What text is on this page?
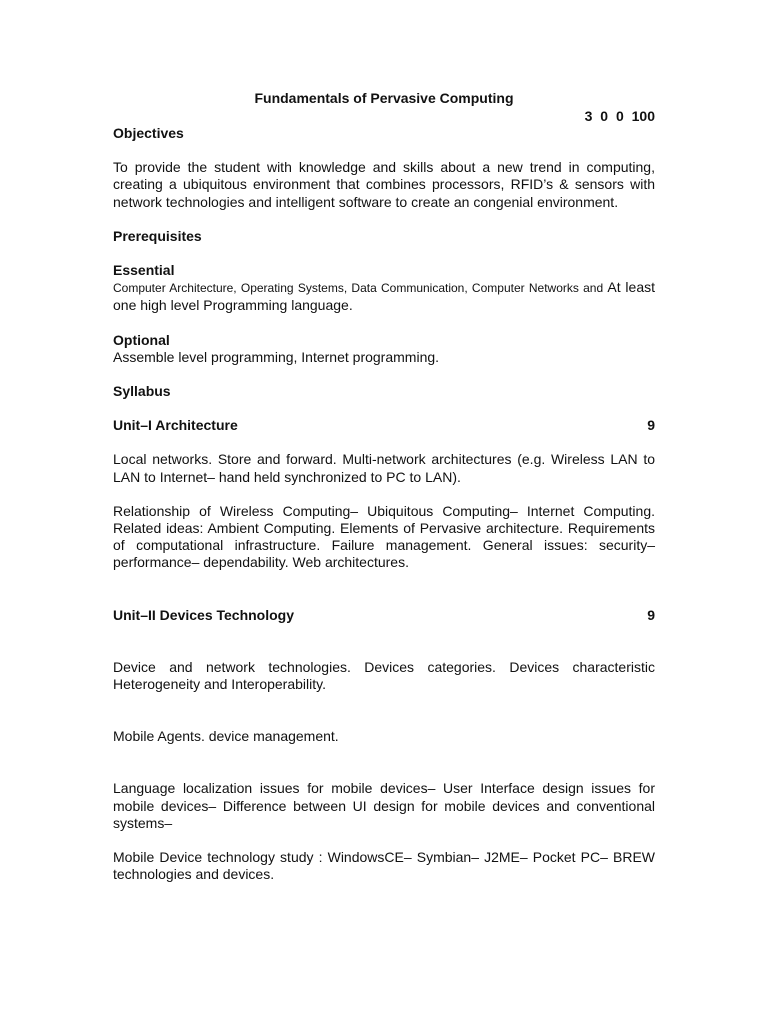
Fundamentals of Pervasive Computing

3 0 0 100

Objectives

To provide the student with knowledge and skills about a new trend in computing, creating a ubiquitous environment that combines processors, RFID’s & sensors with network technologies and intelligent software to create an congenial environment.

Prerequisites

Essential

Computer Architecture, Operating Systems, Data Communication, Computer Networks and At least one high level Programming language.

Optional

Assemble level programming, Internet programming.

Syllabus

Unit–I Architecture	9

Local networks. Store and forward. Multi-network architectures (e.g. Wireless LAN to LAN to Internet– hand held synchronized to PC to LAN).

Relationship of Wireless Computing– Ubiquitous Computing– Internet Computing. Related ideas: Ambient Computing. Elements of Pervasive architecture. Requirements of computational infrastructure. Failure management. General issues: security– performance– dependability. Web architectures.

Unit–II Devices Technology	9

Device and network technologies. Devices categories. Devices characteristic Heterogeneity and Interoperability.

Mobile Agents. device management.

Language localization issues for mobile devices– User Interface design issues for mobile devices– Difference between UI design for mobile devices and conventional systems–

Mobile Device technology study : WindowsCE– Symbian– J2ME– Pocket PC– BREW technologies and devices.
